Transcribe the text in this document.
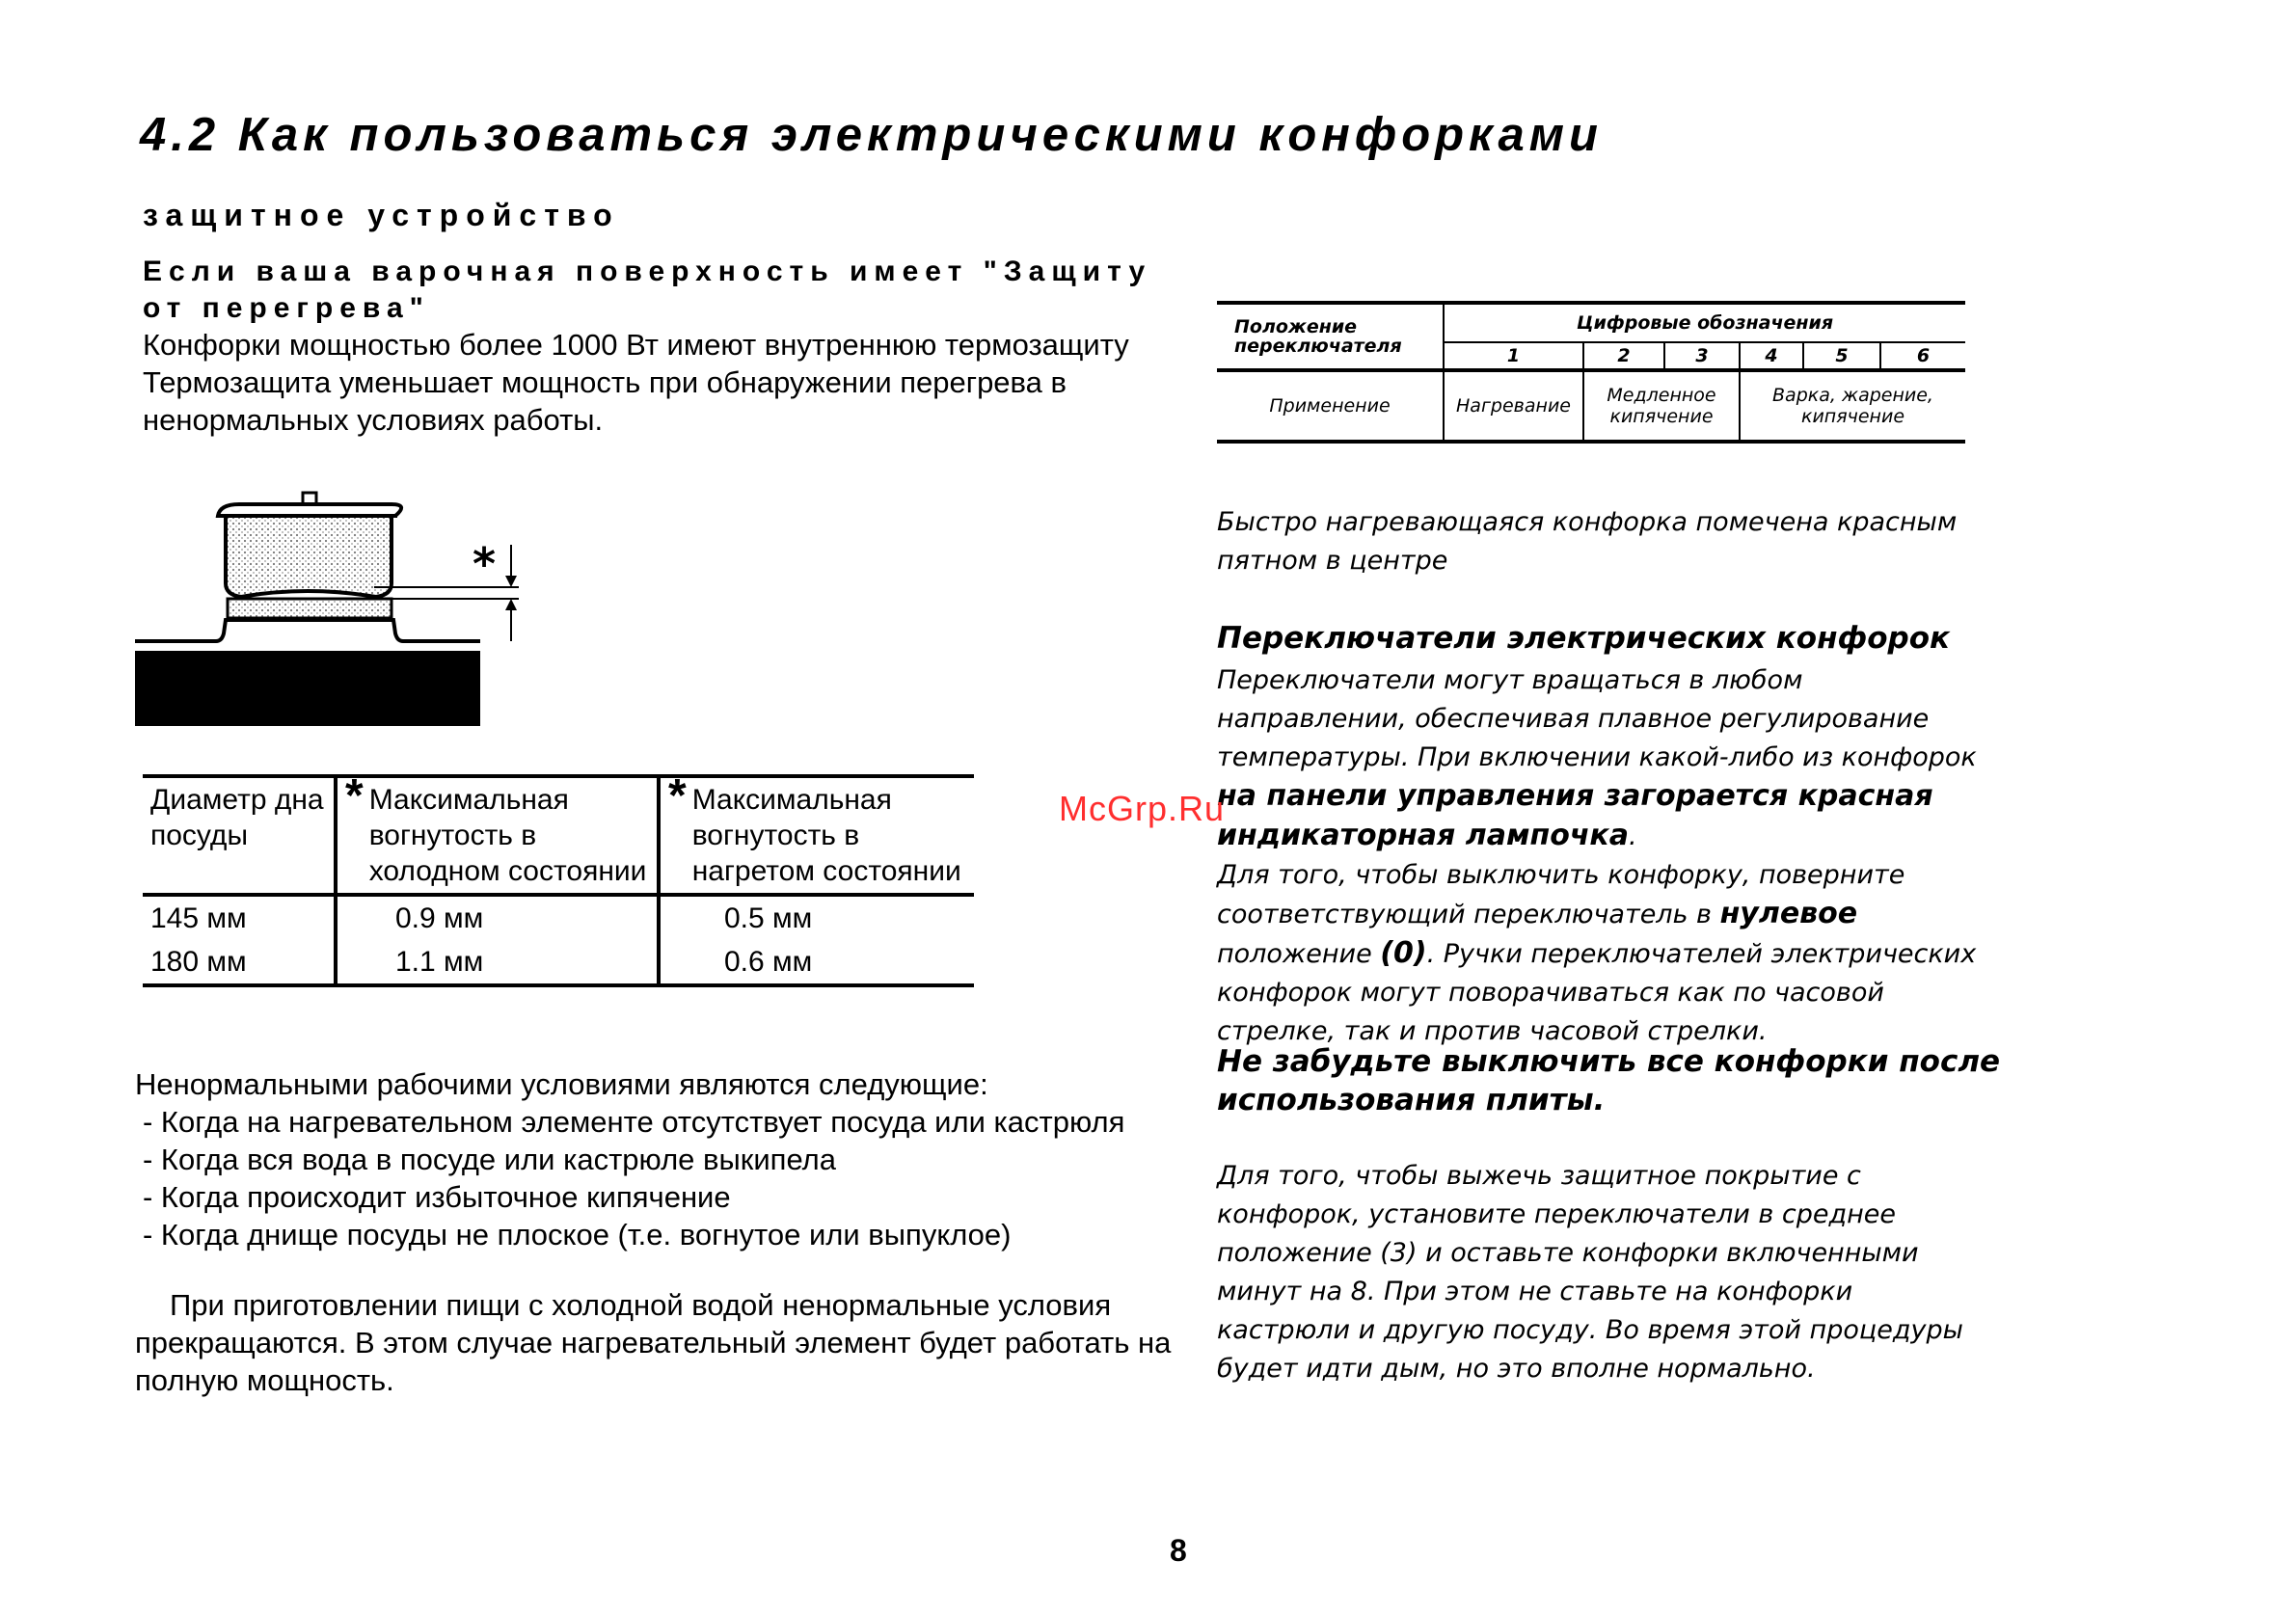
4.2 Как пользоваться электрическими конфорками
защитное устройство

Если ваша варочная поверхность имеет "Защиту от перегрева"

Конфорки мощностью более 1000 Вт имеют внутреннюю термозащиту

Термозащита уменьшает мощность при обнаружении перегрева в ненормальных условиях работы.

*
Диаметр дна посуды	* Максимальная вогнутость в холодном состоянии	* Максимальная вогнутость в нагретом состоянии

145 мм	0.9 мм	0.5 мм
180 мм	1.1 мм	0.6 мм

Ненормальными рабочими условиями являются следующие:

- Когда на нагревательном элементе отсутствует посуда или кастрюля

- Когда вся вода в посуде или кастрюле выкипела

- Когда происходит избыточное кипячение

- Когда днище посуды не плоское (т.е. вогнутое или выпуклое)

При приготовлении пищи с холодной водой ненормальные условия прекращаются. В этом случае нагревательный элемент будет работать на полную мощность.

Положение переключателя	Цифровые обозначения					
	1	2	3	4	5	6
Применение	Нагревание	Медленное кипячение		Варка, жарение, кипячение		

Быстро нагревающаяся конфорка помечена красным пятном в центре

Переключатели электрических конфорок

Переключатели могут вращаться в любом направлении, обеспечивая плавное регулирование температуры. При включении какой-либо из конфорок на панели управления загорается красная индикаторная лампочка.

Для того, чтобы выключить конфорку, поверните соответствующий переключатель в нулевое положение (0). Ручки переключателей электрических конфорок могут поворачиваться как по часовой стрелке, так и против часовой стрелки.

Не забудьте выключить все конфорки после использования плиты.

Для того, чтобы выжечь защитное покрытие с конфорок, установите переключатели в среднее положение (3) и оставьте конфорки включенными минут на 8. При этом не ставьте на конфорки кастрюли и другую посуду. Во время этой процедуры будет идти дым, но это вполне нормально.

McGrp.Ru

8
